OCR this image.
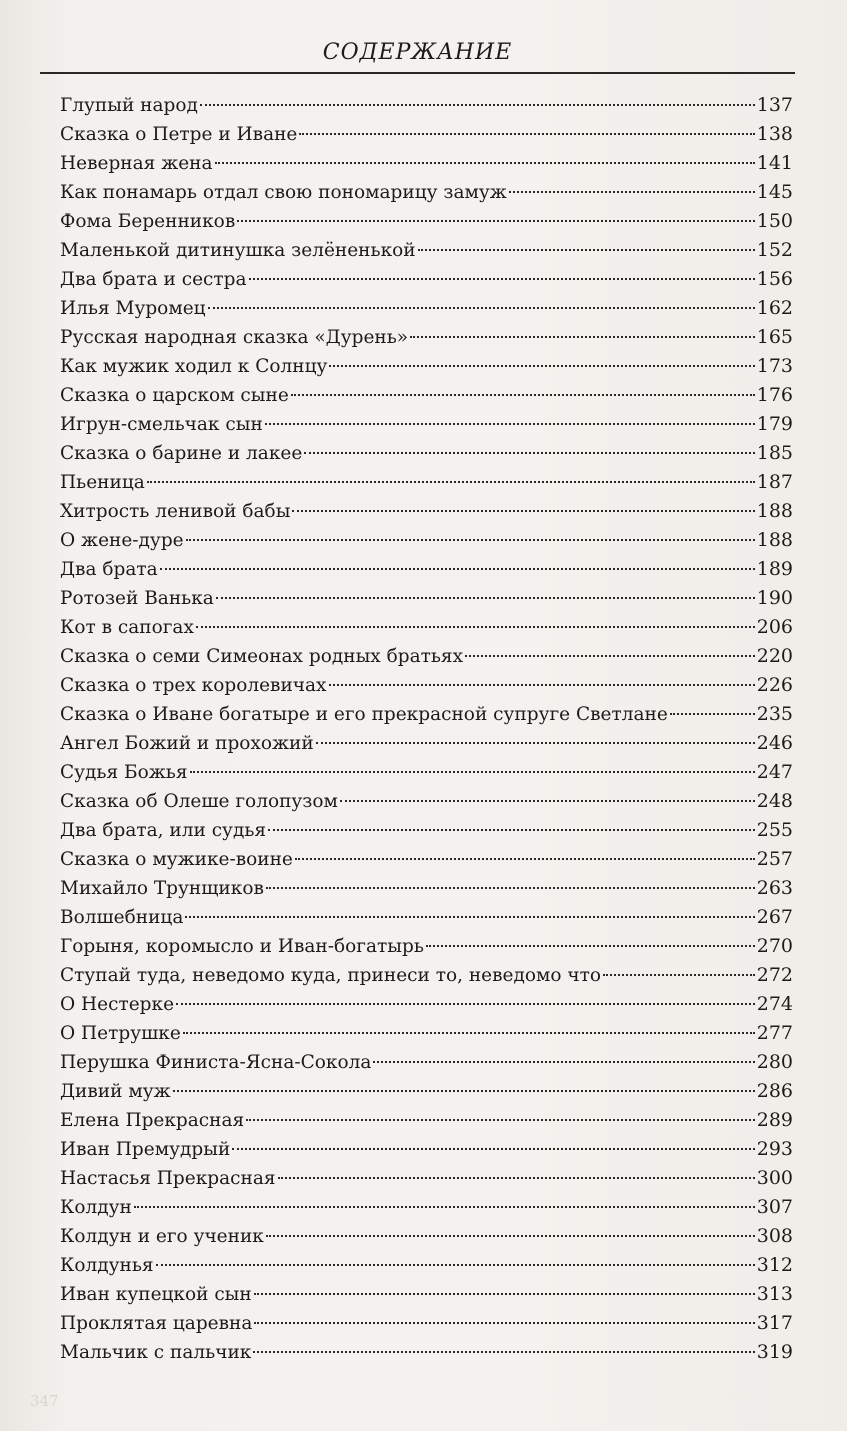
СОДЕРЖАНИЕ
Глупый народ	137
Сказка о Петре и Иване	138
Неверная жена	141
Как понамарь отдал свою пономарицу замуж	145
Фома Беренников	150
Маленькой дитинушка зелёненькой	152
Два брата и сестра	156
Илья Муромец	162
Русская народная сказка «Дурень»	165
Как мужик ходил к Солнцу	173
Сказка о царском сыне	176
Игрун-смельчак сын	179
Сказка о барине и лакее	185
Пьеница	187
Хитрость ленивой бабы	188
О жене-дуре	188
Два брата	189
Ротозей Ванька	190
Кот в сапогах	206
Сказка о семи Симеонах родных братьях	220
Сказка о трех королевичах	226
Сказка о Иване богатыре и его прекрасной супруге Светлане	235
Ангел Божий и прохожий	246
Судья Божья	247
Сказка об Олеше голопузом	248
Два брата, или судья	255
Сказка о мужике-воине	257
Михайло Трунщиков	263
Волшебница	267
Горыня, коромысло и Иван-богатырь	270
Ступай туда, неведомо куда, принеси то, неведомо что	272
О Нестерке	274
О Петрушке	277
Перушка Финиста-Ясна-Сокола	280
Дивий муж	286
Елена Прекрасная	289
Иван Премудрый	293
Настасья Прекрасная	300
Колдун	307
Колдун и его ученик	308
Колдунья	312
Иван купецкой сын	313
Проклятая царевна	317
Мальчик с пальчик	319
347
